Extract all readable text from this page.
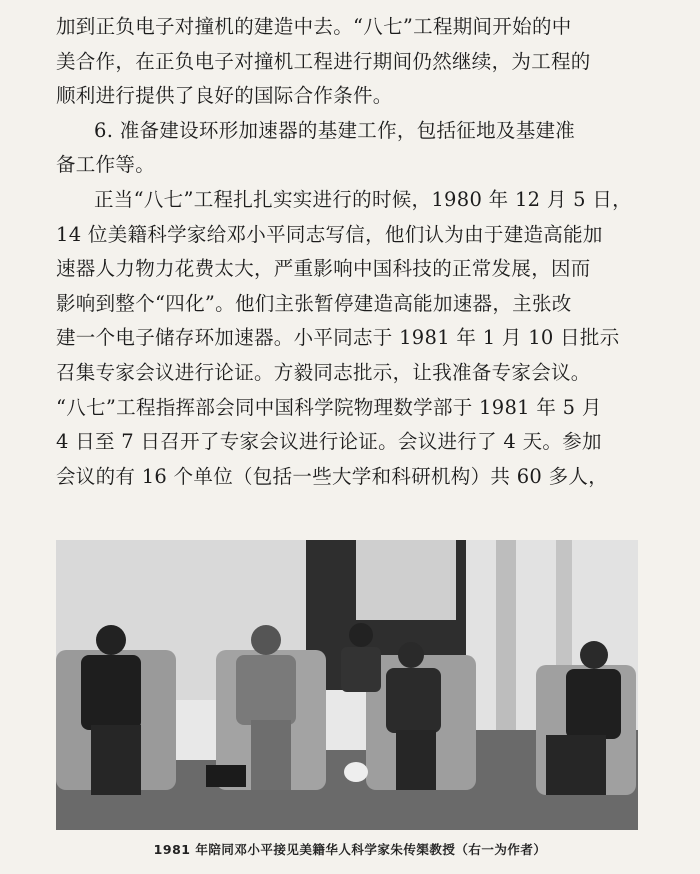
加到正负电子对撞机的建造中去。“八七”工程期间开始的中
美合作，在正负电子对撞机工程进行期间仍然继续，为工程的
顺利进行提供了良好的国际合作条件。
6. 准备建设环形加速器的基建工作，包括征地及基建准
备工作等。
正当“八七”工程扎扎实实进行的时候，1980 年 12 月 5 日，
14 位美籍科学家给邓小平同志写信，他们认为由于建造高能加
速器人力物力花费太大，严重影响中国科技的正常发展，因而
影响到整个“四化”。他们主张暂停建造高能加速器，主张改
建一个电子储存环加速器。小平同志于 1981 年 1 月 10 日批示
召集专家会议进行论证。方毅同志批示，让我准备专家会议。
“八七”工程指挥部会同中国科学院物理数学部于 1981 年 5 月
4 日至 7 日召开了专家会议进行论证。会议进行了 4 天。参加
会议的有 16 个单位（包括一些大学和科研机构）共 60 多人，
1981 年陪同邓小平接见美籍华人科学家朱传榘教授（右一为作者）
